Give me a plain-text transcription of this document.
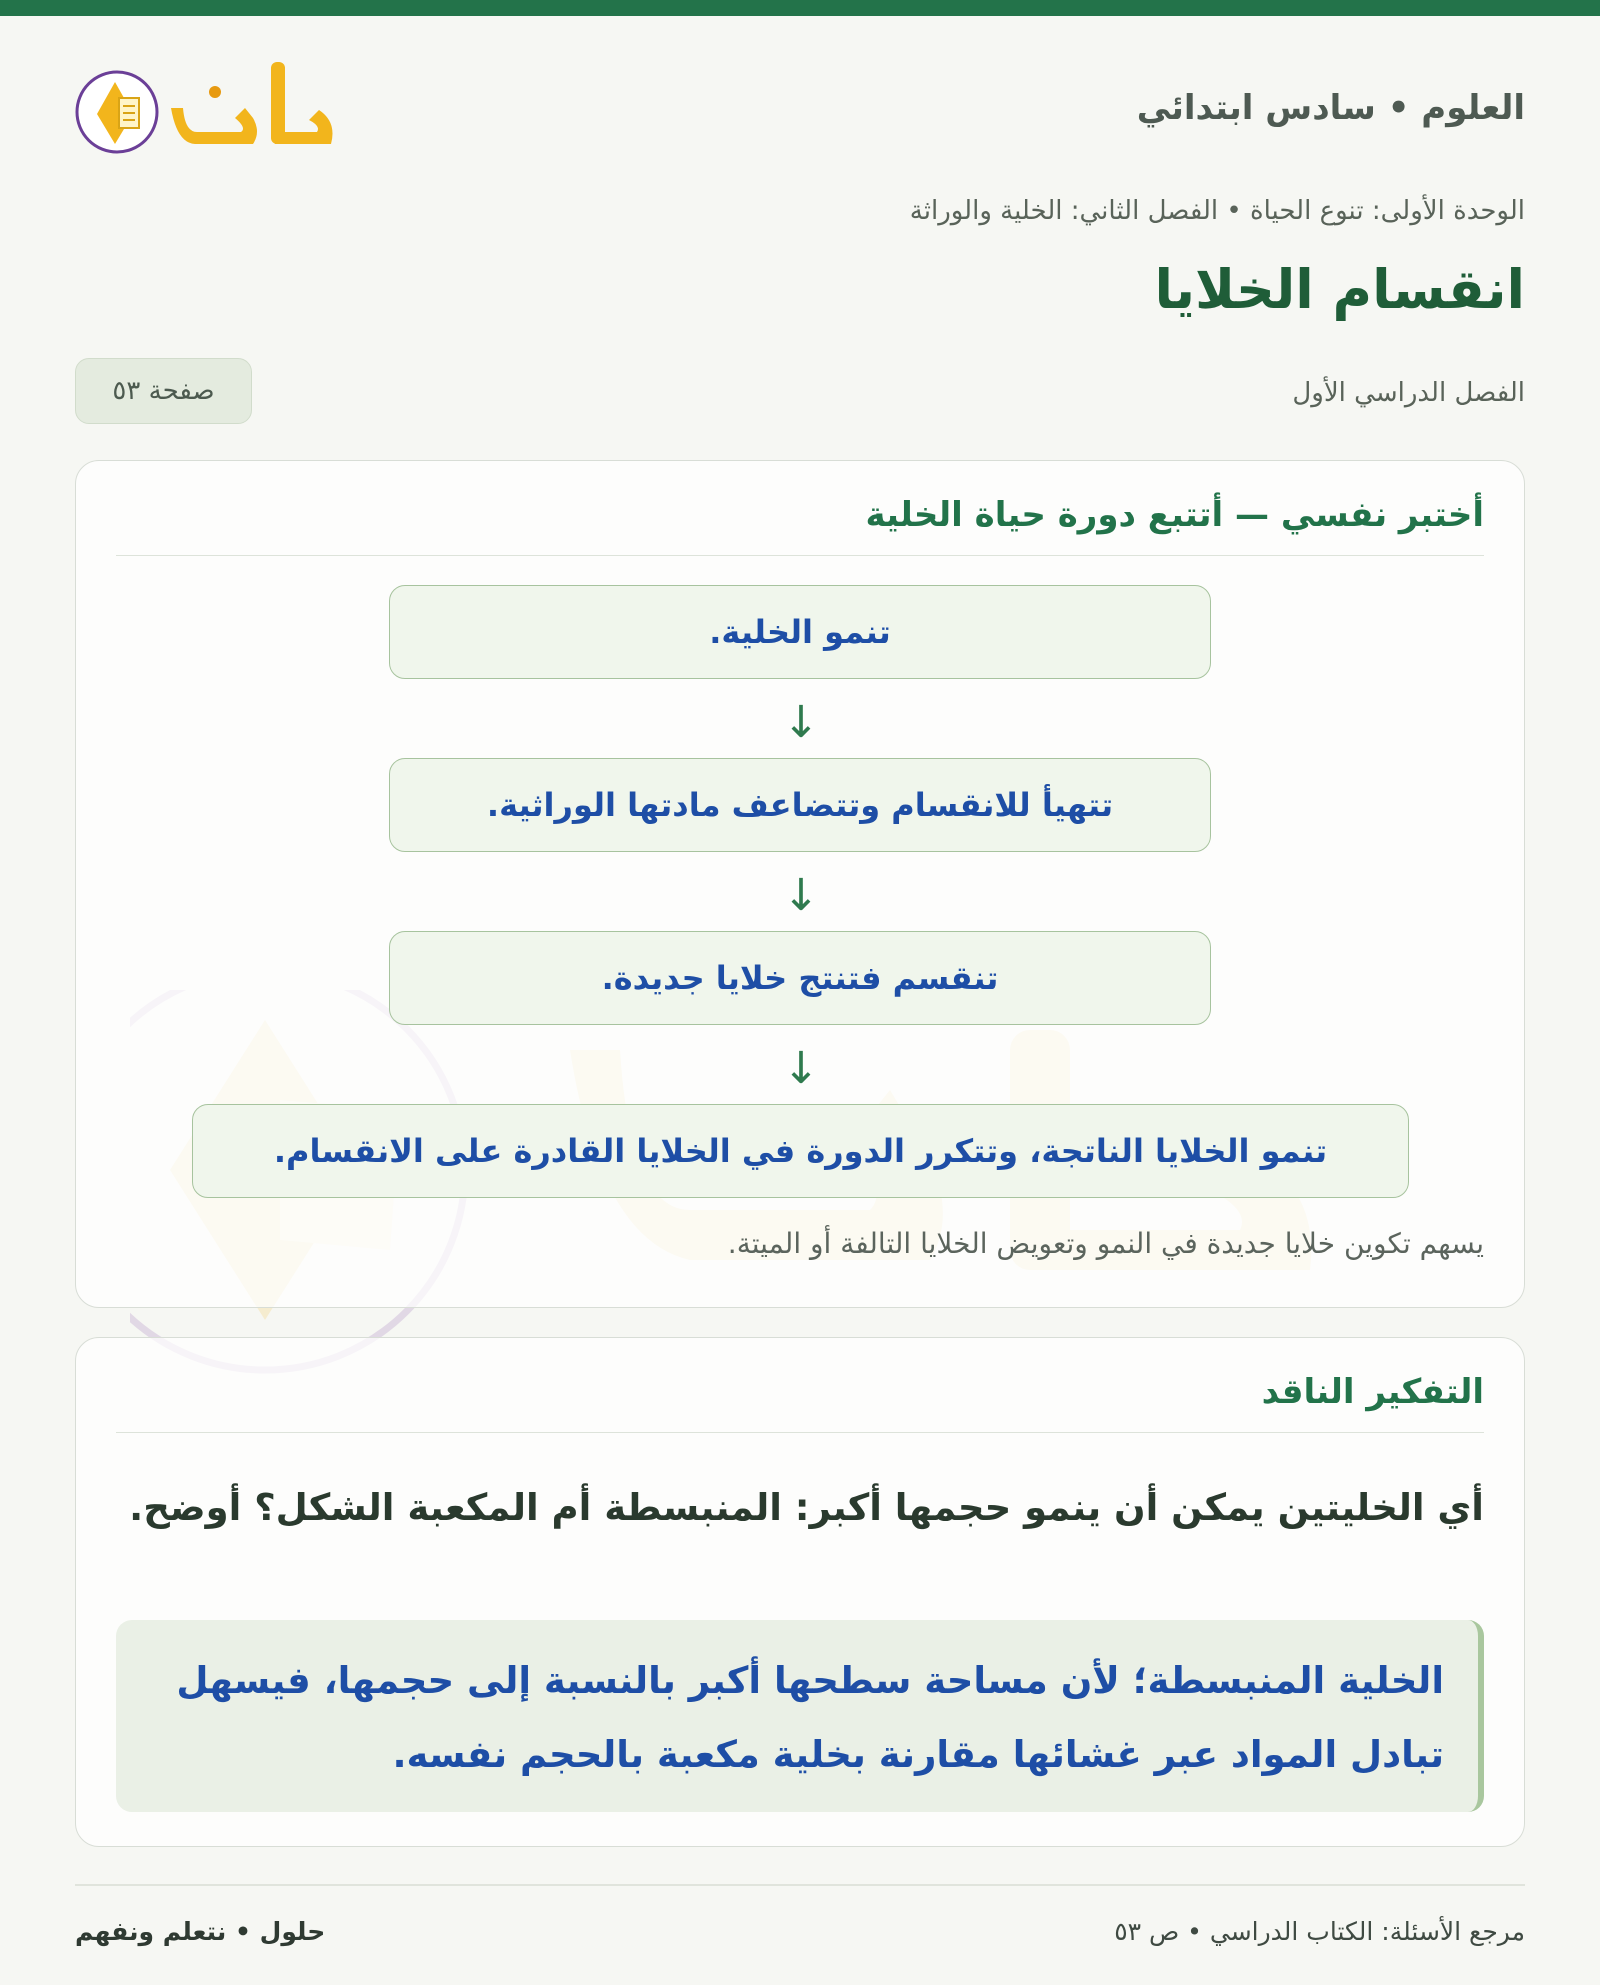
العلوم • سادس ابتدائي
الوحدة الأولى: تنوع الحياة • الفصل الثاني: الخلية والوراثة
انقسام الخلايا
الفصل الدراسي الأول
صفحة ٥٣
أختبر نفسي — أتتبع دورة حياة الخلية
تنمو الخلية.
↓
تتهيأ للانقسام وتتضاعف مادتها الوراثية.
↓
تنقسم فتنتج خلايا جديدة.
↓
تنمو الخلايا الناتجة، وتتكرر الدورة في الخلايا القادرة على الانقسام.
يسهم تكوين خلايا جديدة في النمو وتعويض الخلايا التالفة أو الميتة.
التفكير الناقد

أي الخليتين يمكن أن ينمو حجمها أكبر: المنبسطة أم المكعبة الشكل؟ أوضح.

الخلية المنبسطة؛ لأن مساحة سطحها أكبر بالنسبة إلى حجمها، فيسهل تبادل المواد عبر غشائها مقارنة بخلية مكعبة بالحجم نفسه.
مرجع الأسئلة: الكتاب الدراسي • ص ٥٣
حلول • نتعلم ونفهم
